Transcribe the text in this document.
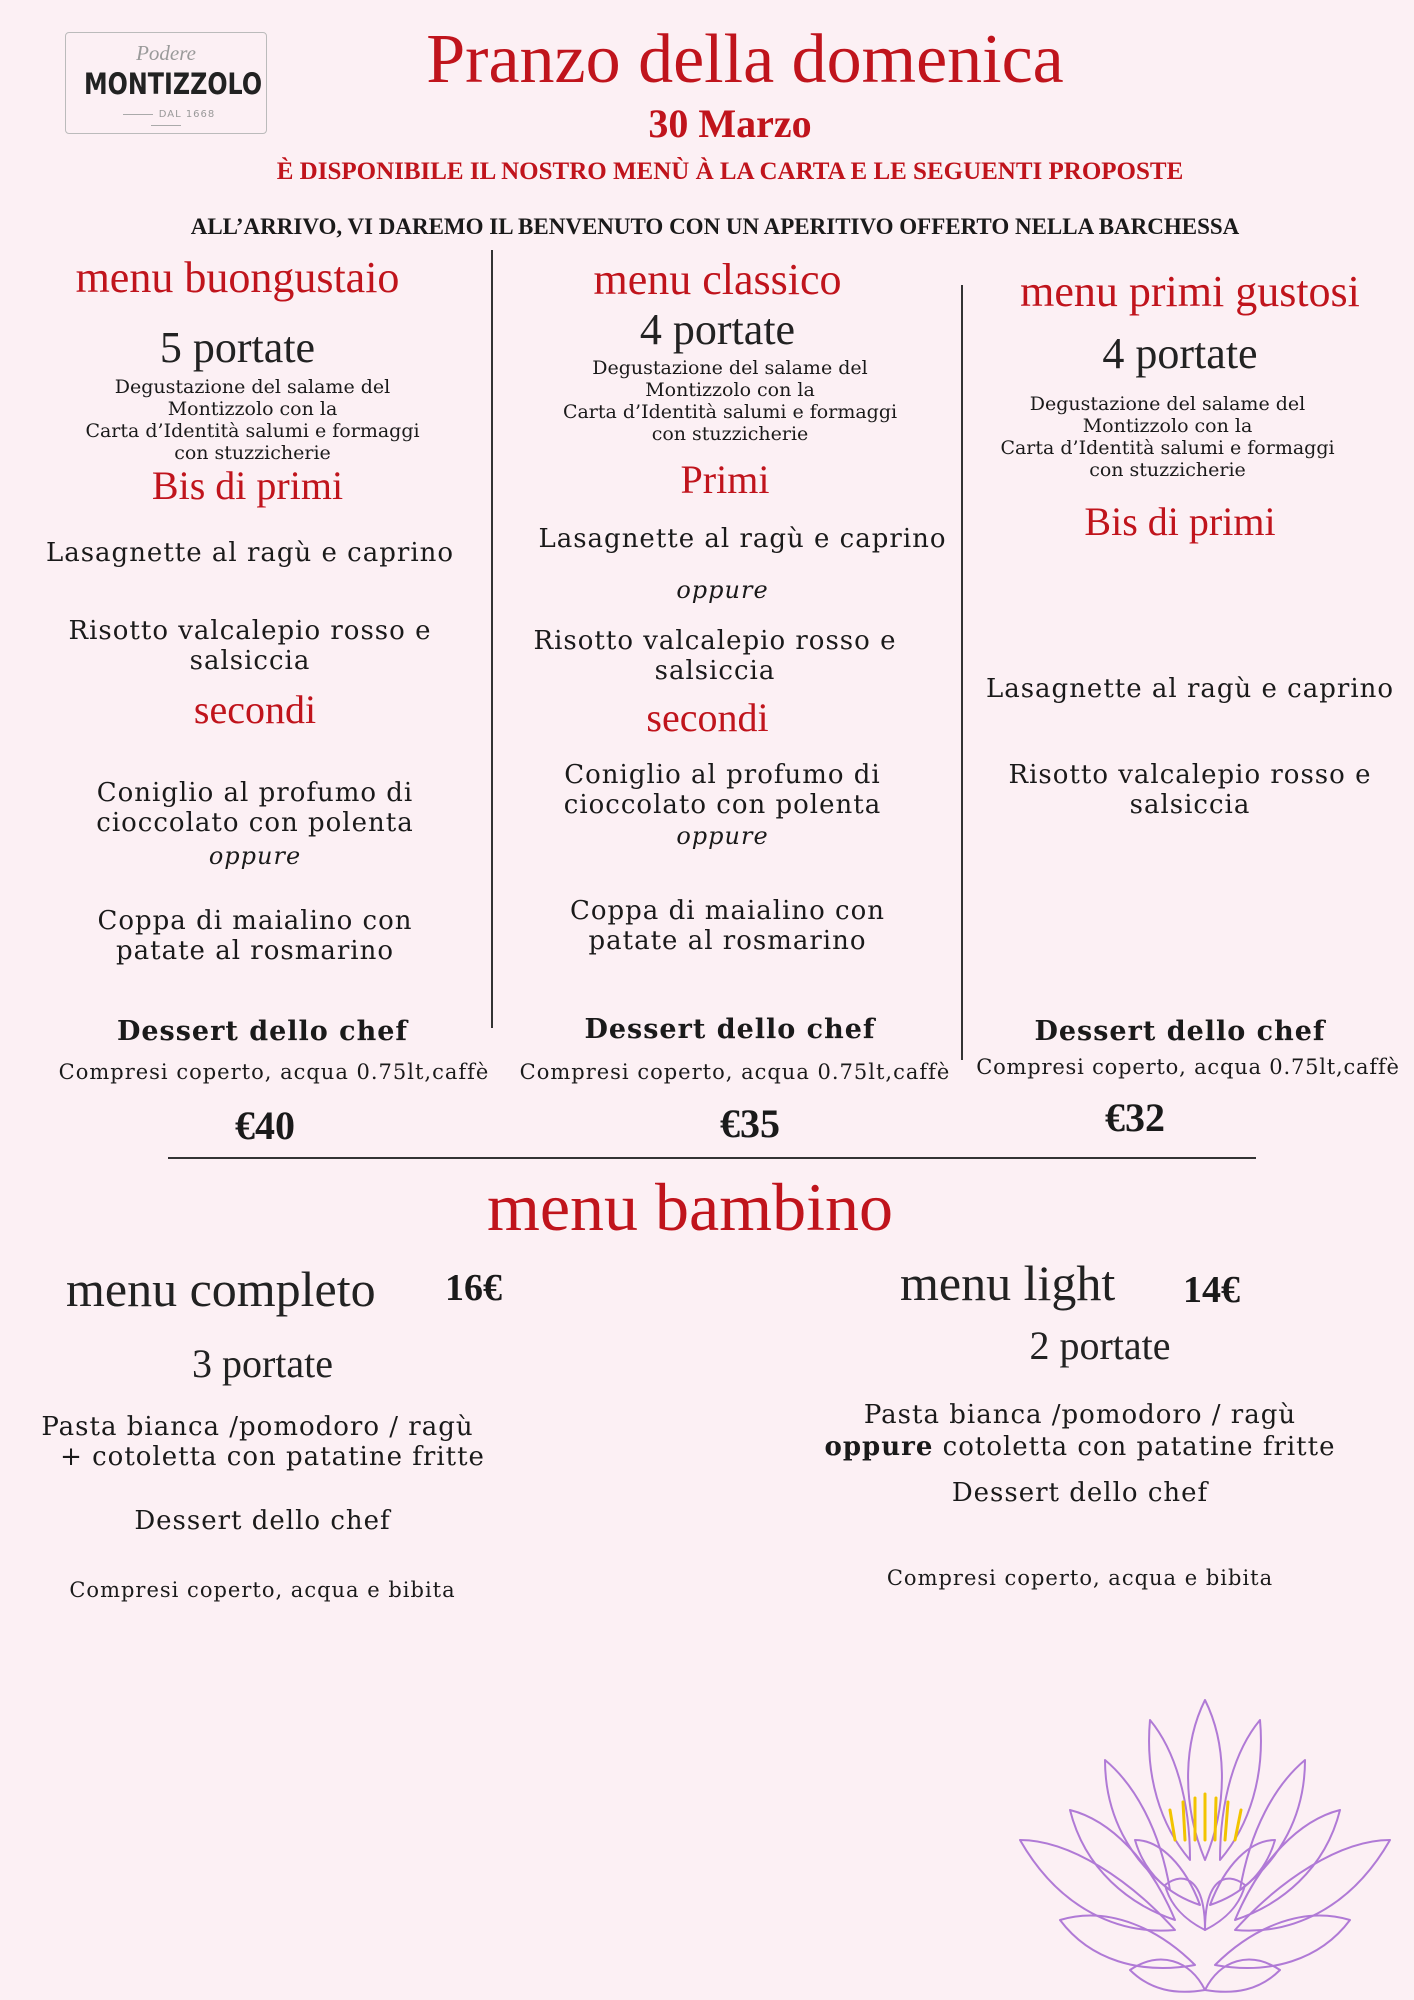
Podere
MONTIZZOLO
DAL 1668
Pranzo della domenica
30 Marzo
È DISPONIBILE IL NOSTRO MENÙ À LA CARTA E LE SEGUENTI PROPOSTE
ALL’ARRIVO, VI DAREMO IL BENVENUTO CON UN APERITIVO OFFERTO NELLA BARCHESSA
menu buongustaio
5 portate
Degustazione del salame del
Montizzolo con la
Carta d’Identità salumi e formaggi
con stuzzicherie
Bis di primi
Lasagnette al ragù e caprino
Risotto valcalepio rosso e salsiccia
secondi
Coniglio al profumo di cioccolato con polenta
oppure
Coppa di maialino con patate al rosmarino
Dessert dello chef
Compresi coperto, acqua 0.75lt,caffè
€40
menu classico
4 portate
Degustazione del salame del
Montizzolo con la
Carta d’Identità salumi e formaggi
con stuzzicherie
Primi
Lasagnette al ragù e caprino
oppure
Risotto valcalepio rosso e salsiccia
secondi
Coniglio al profumo di cioccolato con polenta
oppure
Coppa di maialino con patate al rosmarino
Dessert dello chef
Compresi coperto, acqua 0.75lt,caffè
€35
menu primi gustosi
4 portate
Degustazione del salame del
Montizzolo con la
Carta d’Identità salumi e formaggi
con stuzzicherie
Bis di primi
Lasagnette al ragù e caprino
Risotto valcalepio rosso e salsiccia
Dessert dello chef
Compresi coperto, acqua 0.75lt,caffè
€32
menu bambino
menu completo	16€
3 portate
Pasta bianca /pomodoro / ragù
+ cotoletta con patatine fritte
Dessert dello chef
Compresi coperto, acqua e bibita
menu light	14€
2 portate
Pasta bianca /pomodoro / ragù
oppure cotoletta con patatine fritte
Dessert dello chef
Compresi coperto, acqua e bibita
